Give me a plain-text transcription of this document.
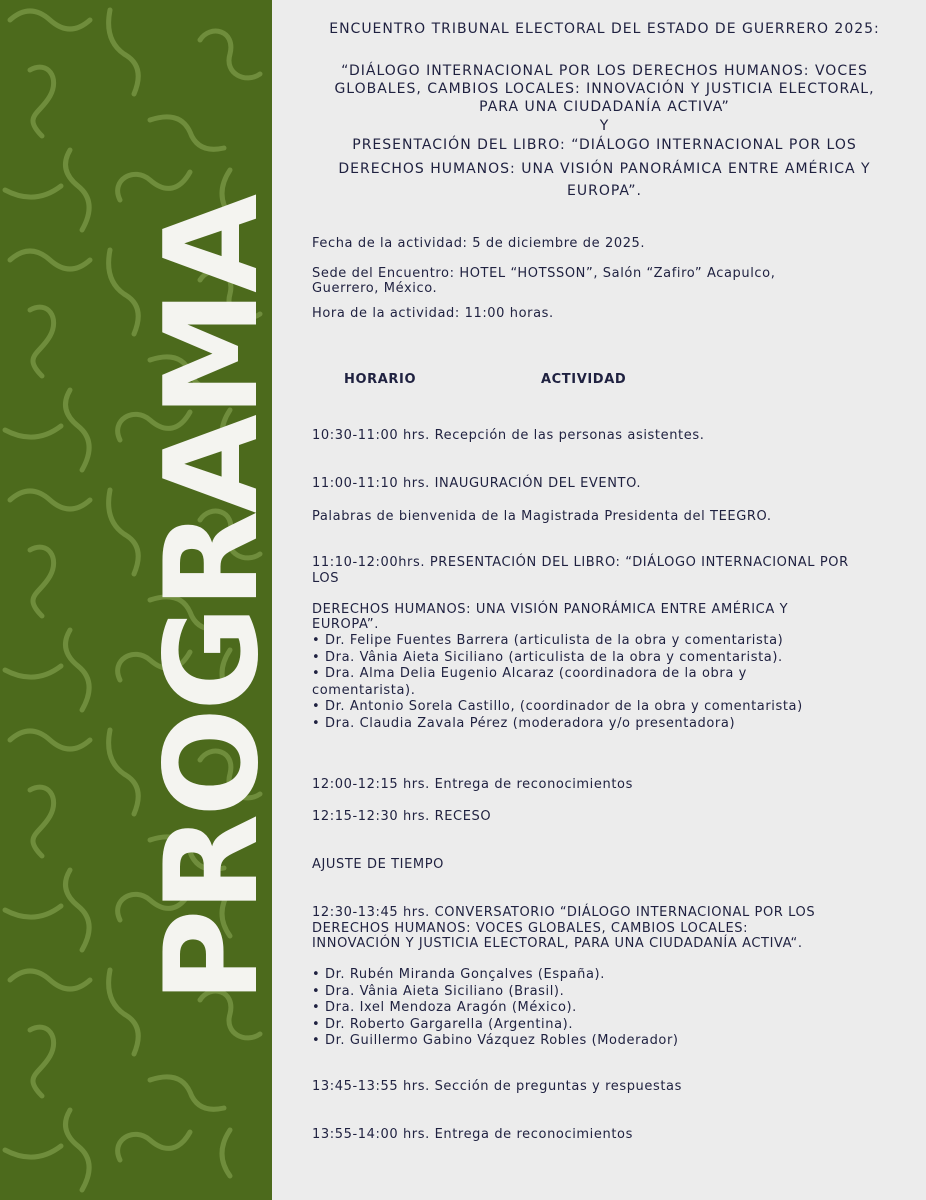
PROGRAMA
ENCUENTRO TRIBUNAL ELECTORAL DEL ESTADO DE GUERRERO 2025:
“DIÁLOGO INTERNACIONAL POR LOS DERECHOS HUMANOS: VOCES
GLOBALES, CAMBIOS LOCALES: INNOVACIÓN Y JUSTICIA ELECTORAL,
PARA UNA CIUDADANÍA ACTIVA”
Y
PRESENTACIÓN DEL LIBRO: “DIÁLOGO INTERNACIONAL POR LOS
DERECHOS HUMANOS: UNA VISIÓN PANORÁMICA ENTRE AMÉRICA Y
EUROPA”.
Fecha de la actividad: 5 de diciembre de 2025.
Sede del Encuentro: HOTEL “HOTSSON”, Salón “Zafiro” Acapulco,
Guerrero, México.
Hora de la actividad: 11:00 horas.
HORARIO	ACTIVIDAD
10:30-11:00 hrs. Recepción de las personas asistentes.
11:00-11:10 hrs. INAUGURACIÓN DEL EVENTO.
Palabras de bienvenida de la Magistrada Presidenta del TEEGRO.
11:10-12:00hrs. PRESENTACIÓN DEL LIBRO: “DIÁLOGO INTERNACIONAL POR
LOS
DERECHOS HUMANOS: UNA VISIÓN PANORÁMICA ENTRE AMÉRICA Y
EUROPA”.
• Dr. Felipe Fuentes Barrera (articulista de la obra y comentarista)
• Dra. Vânia Aieta Siciliano (articulista de la obra y comentarista).
• Dra. Alma Delia Eugenio Alcaraz (coordinadora de la obra y
comentarista).
• Dr. Antonio Sorela Castillo, (coordinador de la obra y comentarista)
• Dra. Claudia Zavala Pérez (moderadora y/o presentadora)
12:00-12:15 hrs. Entrega de reconocimientos
12:15-12:30 hrs. RECESO
AJUSTE DE TIEMPO
12:30-13:45 hrs. CONVERSATORIO “DIÁLOGO INTERNACIONAL POR LOS
DERECHOS HUMANOS: VOCES GLOBALES, CAMBIOS LOCALES:
INNOVACIÓN Y JUSTICIA ELECTORAL, PARA UNA CIUDADANÍA ACTIVA“.
• Dr. Rubén Miranda Gonçalves (España).
• Dra. Vânia Aieta Siciliano (Brasil).
• Dra. Ixel Mendoza Aragón (México).
• Dr. Roberto Gargarella (Argentina).
• Dr. Guillermo Gabino Vázquez Robles (Moderador)
13:45-13:55 hrs. Sección de preguntas y respuestas
13:55-14:00 hrs. Entrega de reconocimientos
